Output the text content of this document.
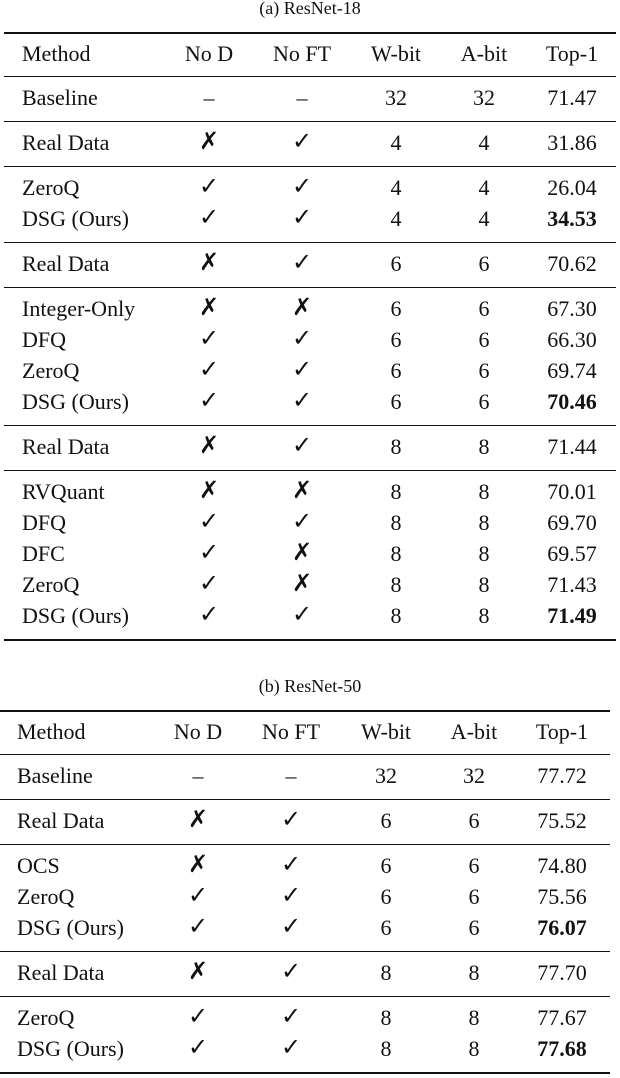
(a) ResNet-18
Method	No D	No FT	W-bit	A-bit	Top-1
Baseline	–	–	32	32	71.47
Real Data	✗	✓	4	4	31.86
ZeroQ	✓	✓	4	4	26.04
DSG (Ours)	✓	✓	4	4	34.53
Real Data	✗	✓	6	6	70.62
Integer-Only	✗	✗	6	6	67.30
DFQ	✓	✓	6	6	66.30
ZeroQ	✓	✓	6	6	69.74
DSG (Ours)	✓	✓	6	6	70.46
Real Data	✗	✓	8	8	71.44
RVQuant	✗	✗	8	8	70.01
DFQ	✓	✓	8	8	69.70
DFC	✓	✗	8	8	69.57
ZeroQ	✓	✗	8	8	71.43
DSG (Ours)	✓	✓	8	8	71.49
(b) ResNet-50
Method	No D	No FT	W-bit	A-bit	Top-1
Baseline	–	–	32	32	77.72
Real Data	✗	✓	6	6	75.52
OCS	✗	✓	6	6	74.80
ZeroQ	✓	✓	6	6	75.56
DSG (Ours)	✓	✓	6	6	76.07
Real Data	✗	✓	8	8	77.70
ZeroQ	✓	✓	8	8	77.67
DSG (Ours)	✓	✓	8	8	77.68
